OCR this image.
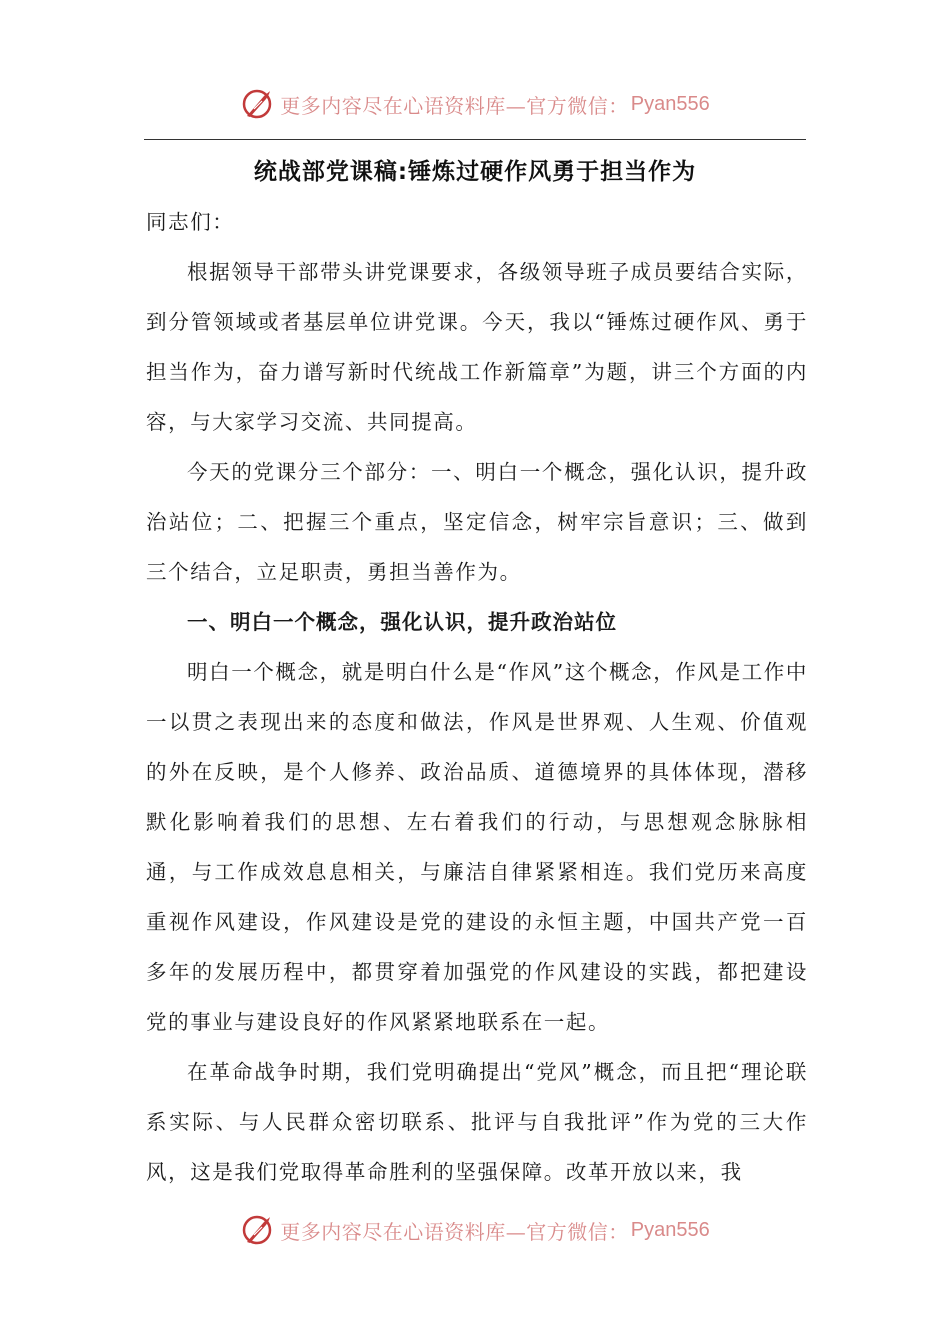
更多内容尽在心语资料库—官方微信： Pyan556
统战部党课稿:锤炼过硬作风勇于担当作为

同志们：

根据领导干部带头讲党课要求，各级领导班子成员要结合实际，到分管领域或者基层单位讲党课。今天，我以“锤炼过硬作风、勇于担当作为，奋力谱写新时代统战工作新篇章”为题，讲三个方面的内容，与大家学习交流、共同提高。

今天的党课分三个部分：一、明白一个概念，强化认识，提升政治站位；二、把握三个重点，坚定信念，树牢宗旨意识；三、做到三个结合，立足职责，勇担当善作为。

一、明白一个概念，强化认识，提升政治站位

明白一个概念，就是明白什么是“作风”这个概念，作风是工作中一以贯之表现出来的态度和做法，作风是世界观、人生观、价值观的外在反映，是个人修养、政治品质、道德境界的具体体现，潜移默化影响着我们的思想、左右着我们的行动，与思想观念脉脉相通，与工作成效息息相关，与廉洁自律紧紧相连。我们党历来高度重视作风建设，作风建设是党的建设的永恒主题，中国共产党一百多年的发展历程中，都贯穿着加强党的作风建设的实践，都把建设党的事业与建设良好的作风紧紧地联系在一起。

在革命战争时期，我们党明确提出“党风”概念，而且把“理论联系实际、与人民群众密切联系、批评与自我批评”作为党的三大作风，这是我们党取得革命胜利的坚强保障。改革开放以来，我

更多内容尽在心语资料库—官方微信： Pyan556
